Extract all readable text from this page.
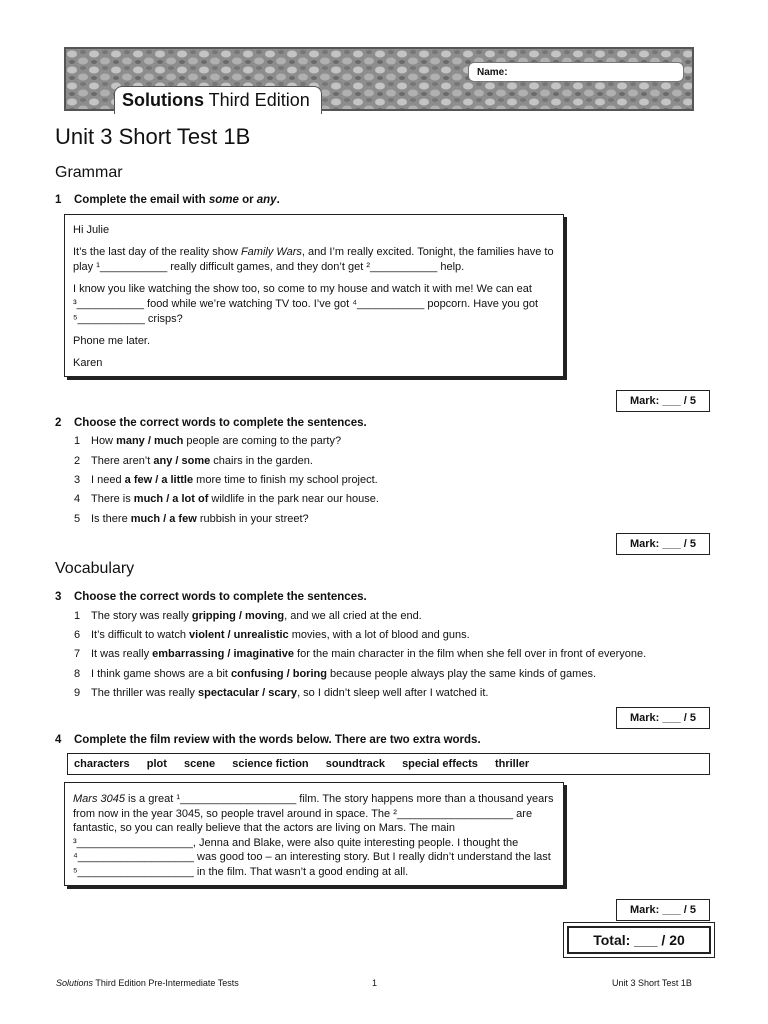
Name:
Solutions Third Edition
Unit 3 Short Test 1B
Grammar
1 Complete the email with some or any.

Hi Julie

It’s the last day of the reality show Family Wars, and I’m really excited. Tonight, the families have to play ¹___________ really difficult games, and they don’t get ²___________ help.

I know you like watching the show too, so come to my house and watch it with me! We can eat ³___________ food while we’re watching TV too. I’ve got ⁴___________ popcorn. Have you got ⁵___________ crisps?

Phone me later.

Karen

Mark: ___ / 5
2 Choose the correct words to complete the sentences.
1 How many / much people are coming to the party?
2 There aren’t any / some chairs in the garden.
3 I need a few / a little more time to finish my school project.
4 There is much / a lot of wildlife in the park near our house.
5 Is there much / a few rubbish in your street?
Mark: ___ / 5
Vocabulary
3 Choose the correct words to complete the sentences.
1 The story was really gripping / moving, and we all cried at the end.
6 It’s difficult to watch violent / unrealistic movies, with a lot of blood and guns.
7 It was really embarrassing / imaginative for the main character in the film when she fell over in front of everyone.
8 I think game shows are a bit confusing / boring because people always play the same kinds of games.
9 The thriller was really spectacular / scary, so I didn’t sleep well after I watched it.
Mark: ___ / 5
4 Complete the film review with the words below. There are two extra words.
characters plot scene science fiction soundtrack special effects thriller
Mars 3045 is a great ¹___________________ film. The story happens more than a thousand years from now in the year 3045, so people travel around in space. The ²___________________ are fantastic, so you can really believe that the actors are living on Mars. The main ³___________________, Jenna and Blake, were also quite interesting people. I thought the ⁴___________________ was good too – an interesting story. But I really didn’t understand the last ⁵___________________ in the film. That wasn’t a good ending at all.
Mark: ___ / 5
Total: ___ / 20
Solutions Third Edition Pre-Intermediate Tests	1	Unit 3 Short Test 1B
